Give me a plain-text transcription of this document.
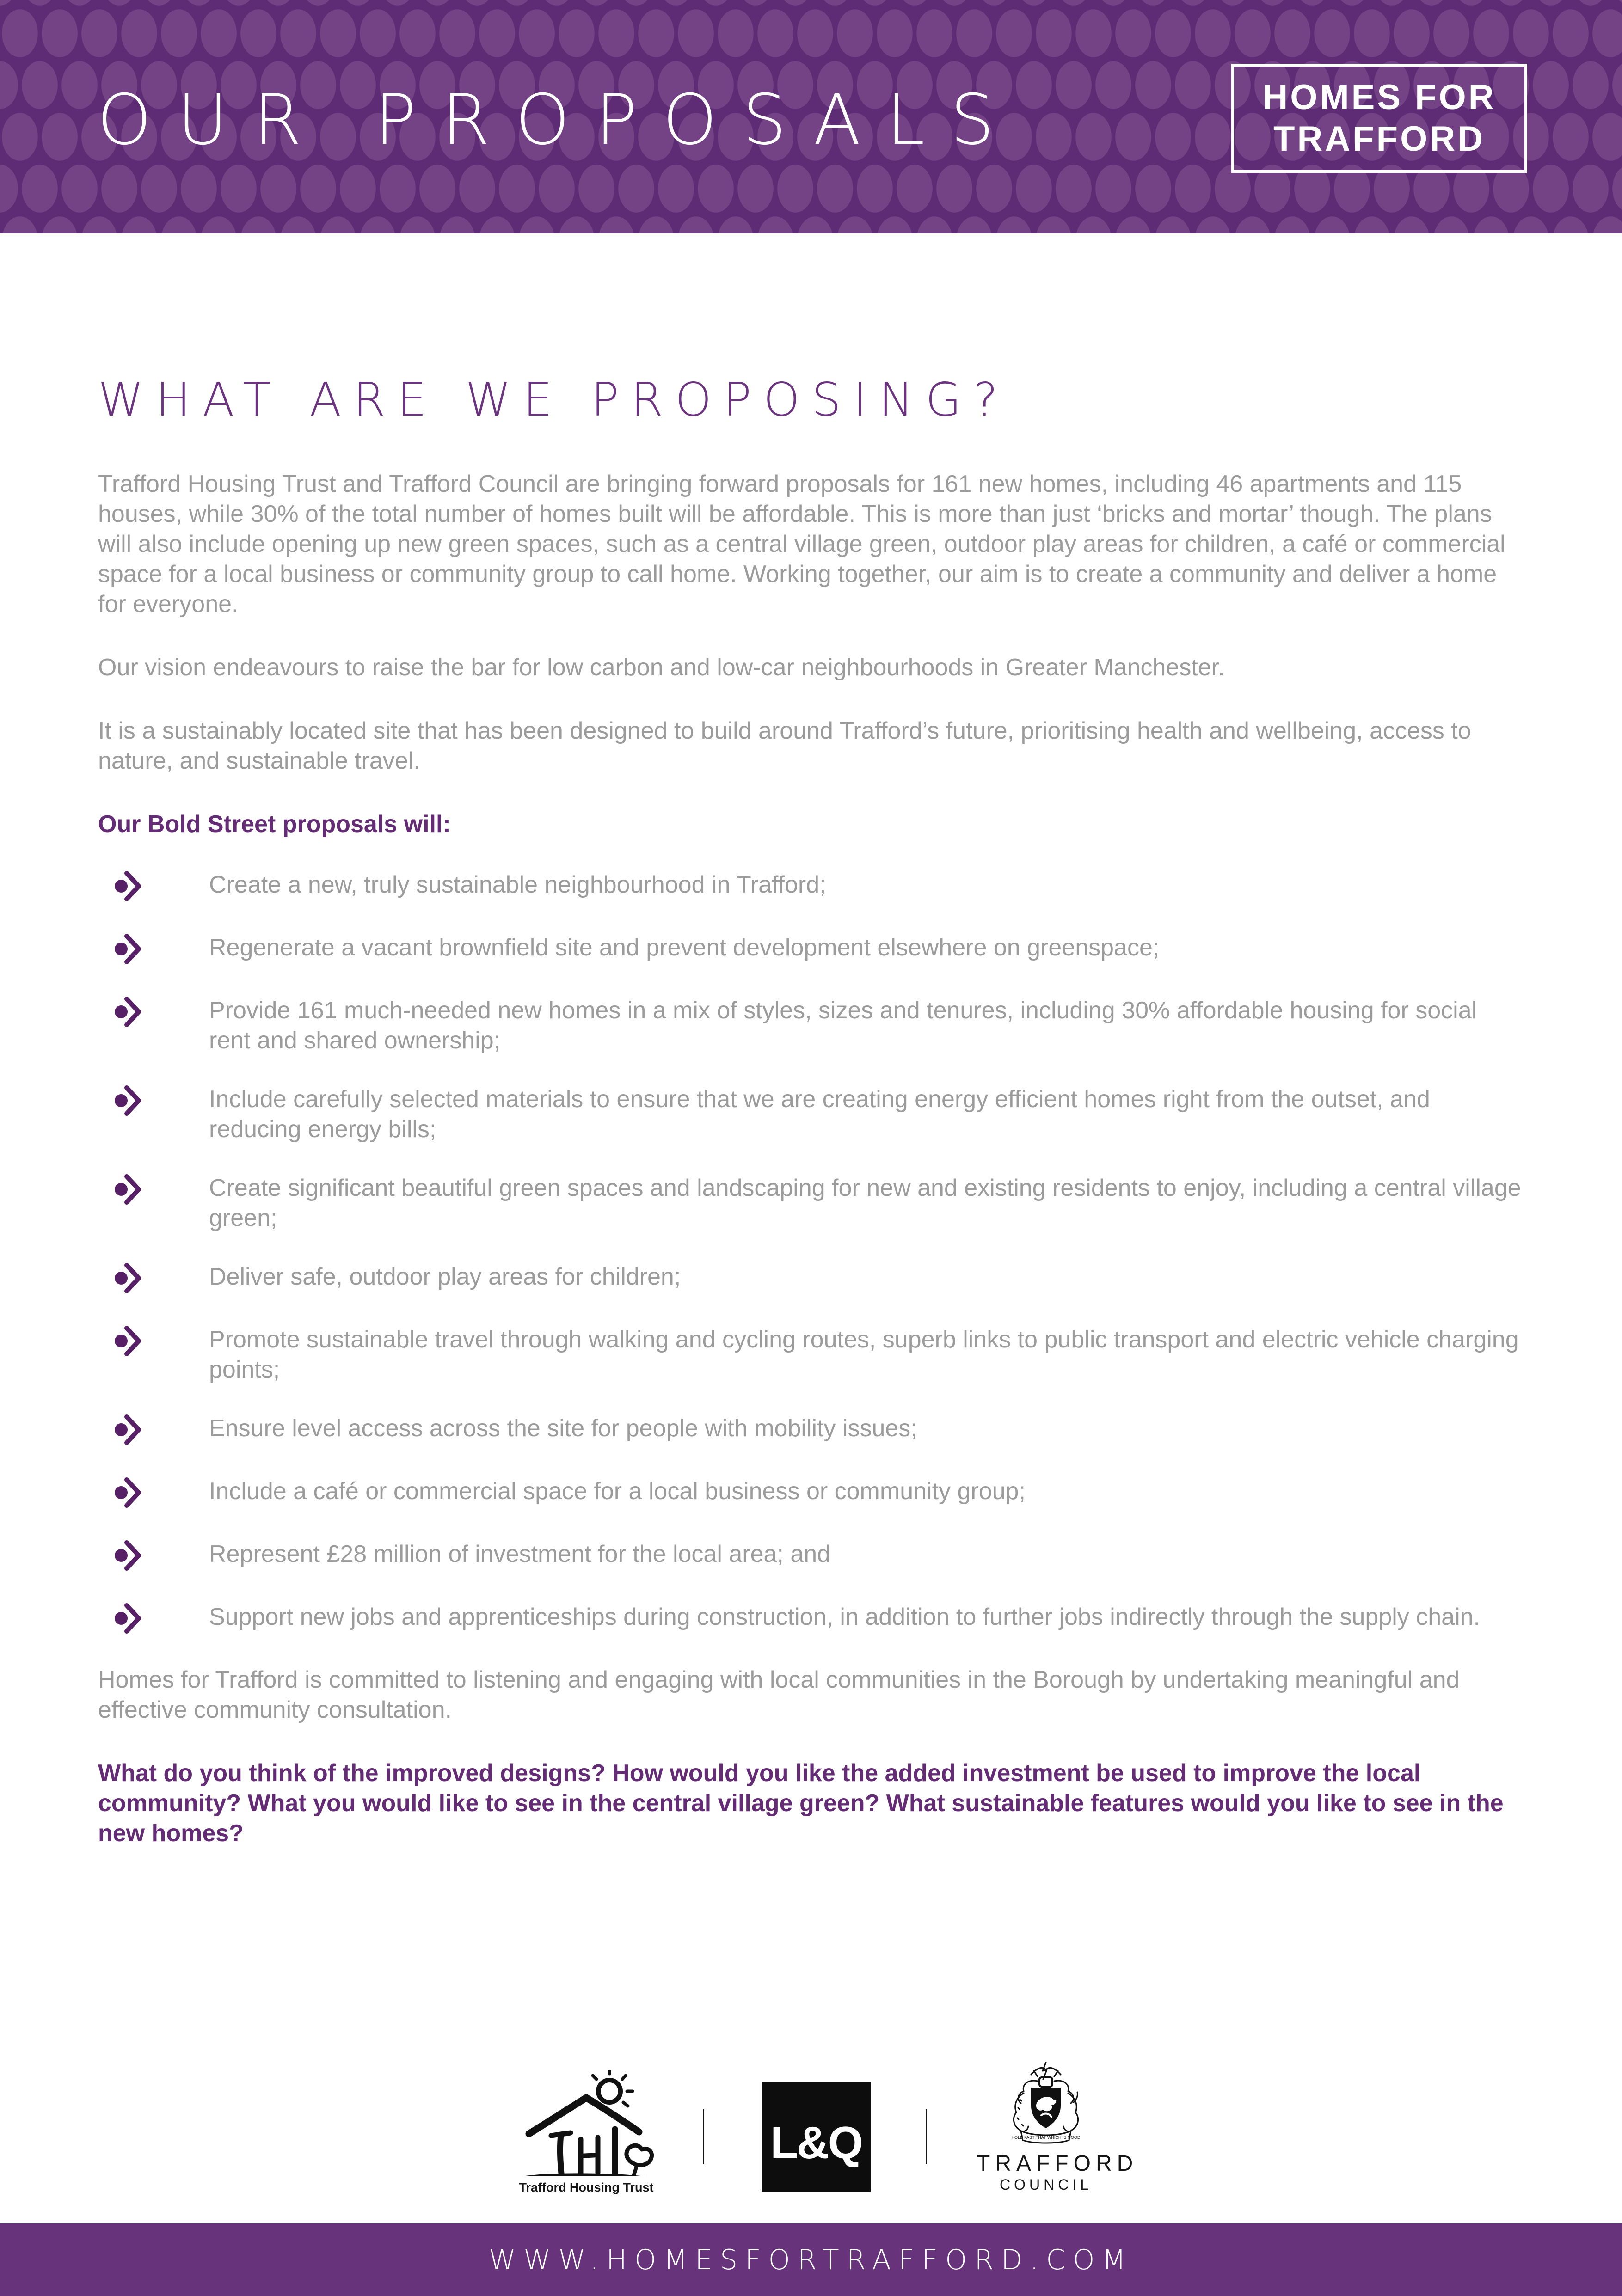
OUR PROPOSALS	HOMES FOR
TRAFFORD
WHAT ARE WE PROPOSING?

Trafford Housing Trust and Trafford Council are bringing forward proposals for 161 new homes, including 46 apartments and 115 houses, while 30% of the total number of homes built will be affordable. This is more than just ‘bricks and mortar’ though. The plans will also include opening up new green spaces, such as a central village green, outdoor play areas for children, a café or commercial space for a local business or community group to call home. Working together, our aim is to create a community and deliver a home for everyone.

Our vision endeavours to raise the bar for low carbon and low-car neighbourhoods in Greater Manchester.

It is a sustainably located site that has been designed to build around Trafford’s future, prioritising health and wellbeing, access to nature, and sustainable travel.

Our Bold Street proposals will:

Create a new, truly sustainable neighbourhood in Trafford;
Regenerate a vacant brownfield site and prevent development elsewhere on greenspace;
Provide 161 much-needed new homes in a mix of styles, sizes and tenures, including 30% affordable housing for social rent and shared ownership;
Include carefully selected materials to ensure that we are creating energy efficient homes right from the outset, and reducing energy bills;
Create significant beautiful green spaces and landscaping for new and existing residents to enjoy, including a central village green;
Deliver safe, outdoor play areas for children;
Promote sustainable travel through walking and cycling routes, superb links to public transport and electric vehicle charging points;
Ensure level access across the site for people with mobility issues;
Include a café or commercial space for a local business or community group;
Represent £28 million of investment for the local area; and
Support new jobs and apprenticeships during construction, in addition to further jobs indirectly through the supply chain.

Homes for Trafford is committed to listening and engaging with local communities in the Borough by undertaking meaningful and effective community consultation.

What do you think of the improved designs? How would you like the added investment be used to improve the local community? What you would like to see in the central village green? What sustainable features would you like to see in the new homes?

Trafford Housing Trust
L&Q	HOLD FAST THAT WHICH IS GOOD
TRAFFORD
COUNCIL
WWW.HOMESFORTRAFFORD.COM
